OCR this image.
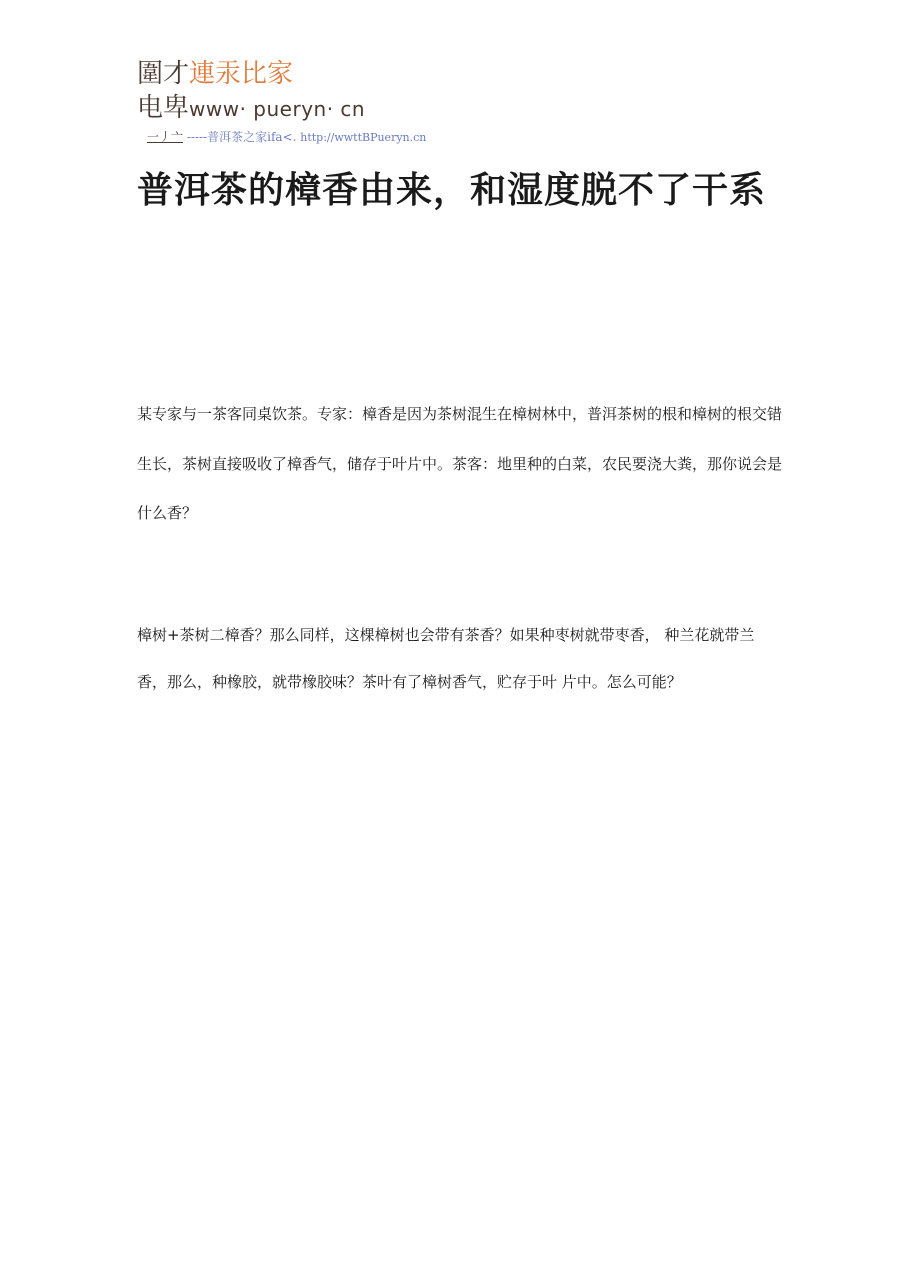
圍才連汞比家
电卑www· pueryn· cn
一丿亠 -----普洱茶之家ifa<. http://wwttBPueryn.cn
普洱茶的樟香由来，和湿度脱不了干系

某专家与一茶客同桌饮茶。专家：樟香是因为茶树混生在樟树林中，普洱茶树的根和樟树的根交错生长，茶树直接吸收了樟香气，储存于叶片中。茶客：地里种的白菜，农民要浇大粪，那你说会是什么香？

樟树+茶树二樟香？那么同样，这棵樟树也会带有茶香？如果种枣树就带枣香， 种兰花就带兰香，那么，种橡胶，就带橡胶味？茶叶有了樟树香气，贮存于叶 片中。怎么可能？
